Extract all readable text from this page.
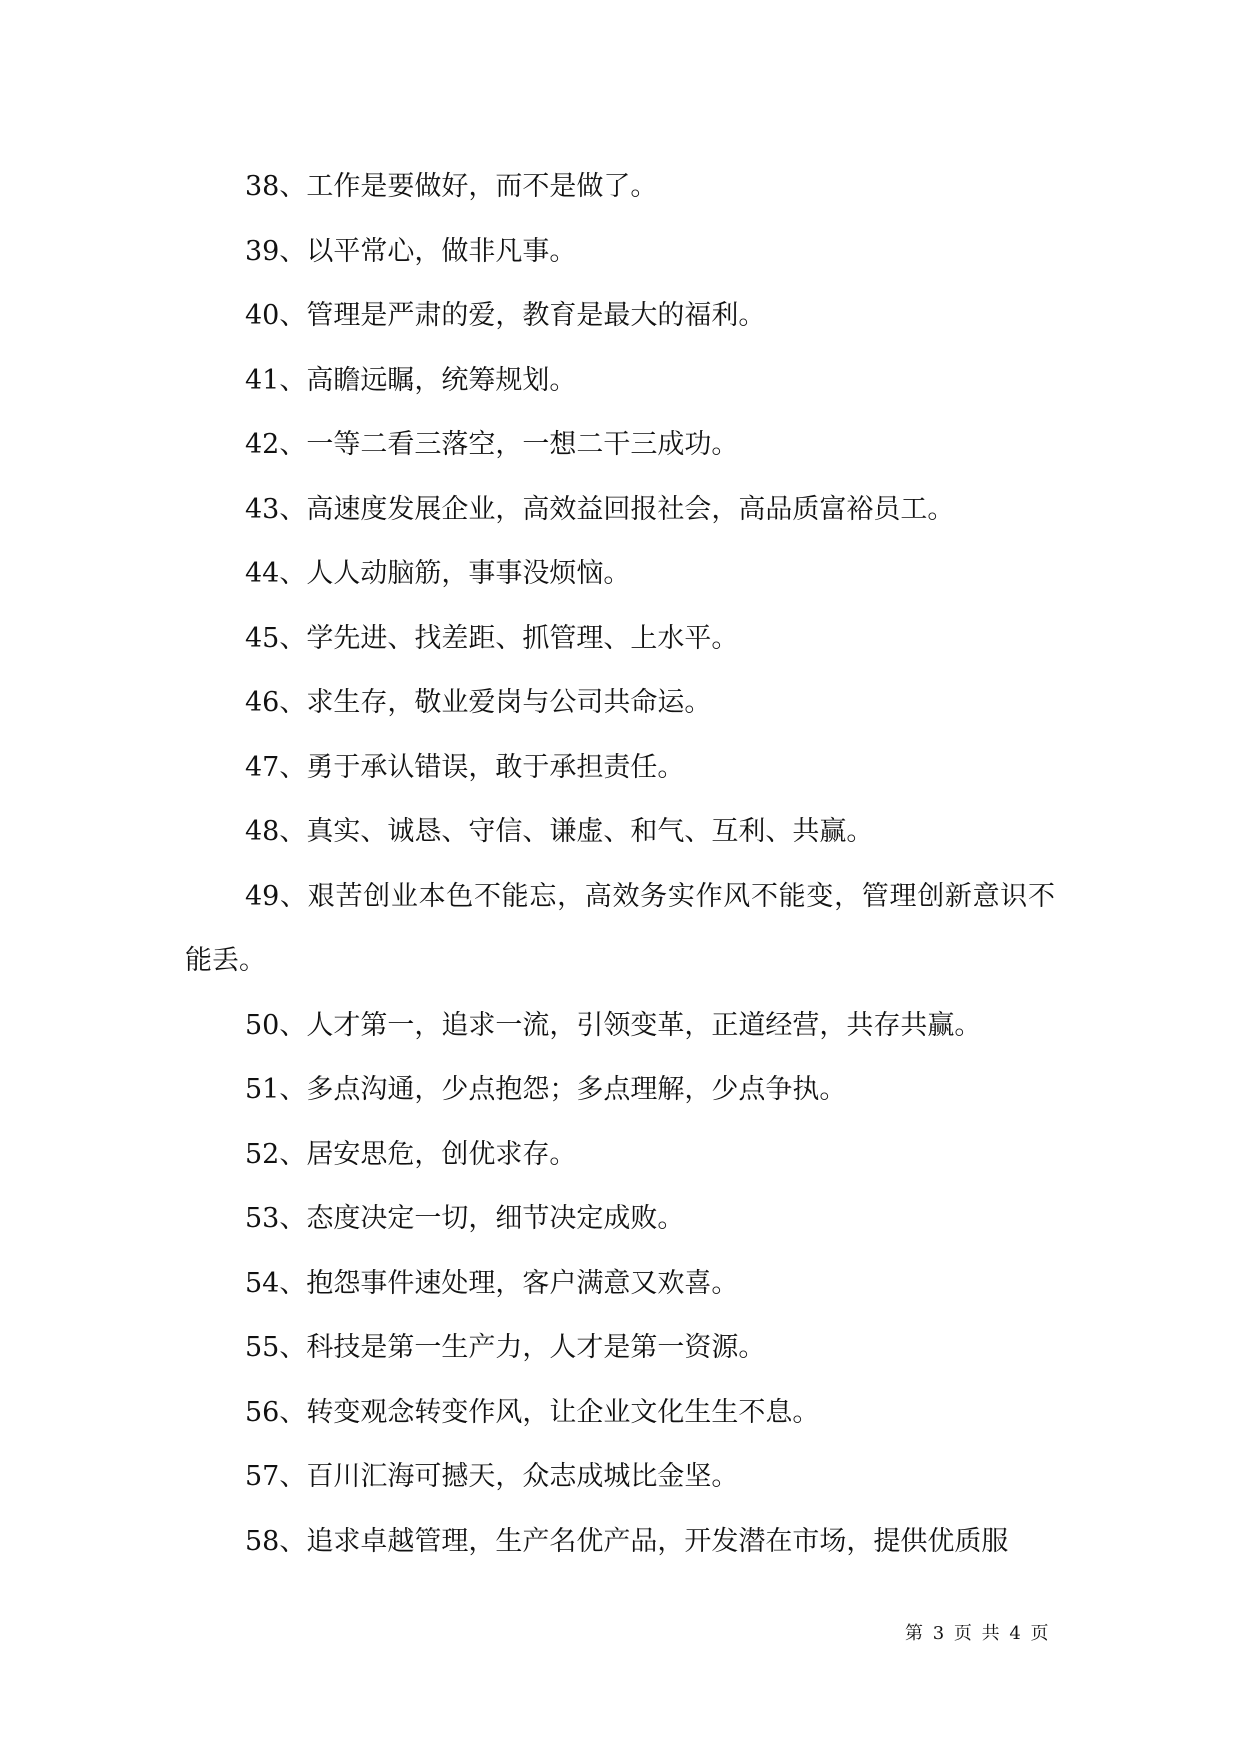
38、工作是要做好，而不是做了。
39、以平常心，做非凡事。
40、管理是严肃的爱，教育是最大的福利。
41、高瞻远瞩，统筹规划。
42、一等二看三落空，一想二干三成功。
43、高速度发展企业，高效益回报社会，高品质富裕员工。
44、人人动脑筋，事事没烦恼。
45、学先进、找差距、抓管理、上水平。
46、求生存，敬业爱岗与公司共命运。
47、勇于承认错误，敢于承担责任。
48、真实、诚恳、守信、谦虚、和气、互利、共赢。
49、艰苦创业本色不能忘，高效务实作风不能变，管理创新意识不能丢。
50、人才第一，追求一流，引领变革，正道经营，共存共赢。
51、多点沟通，少点抱怨；多点理解，少点争执。
52、居安思危，创优求存。
53、态度决定一切，细节决定成败。
54、抱怨事件速处理，客户满意又欢喜。
55、科技是第一生产力，人才是第一资源。
56、转变观念转变作风，让企业文化生生不息。
57、百川汇海可撼天，众志成城比金坚。
58、追求卓越管理，生产名优产品，开发潜在市场，提供优质服
第 3 页 共 4 页
